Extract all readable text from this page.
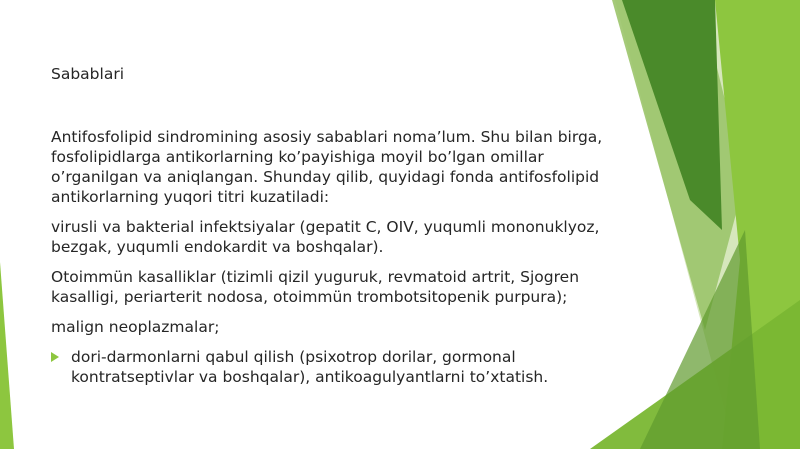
Sabablari

Antifosfolipid sindromining asosiy sabablari noma’lum. Shu bilan birga, fosfolipidlarga antikorlarning ko’payishiga moyil bo’lgan omillar o’rganilgan va aniqlangan. Shunday qilib, quyidagi fonda antifosfolipid antikorlarning yuqori titri kuzatiladi:

virusli va bakterial infektsiyalar (gepatit C, OIV, yuqumli mononuklyoz, bezgak, yuqumli endokardit va boshqalar).

Otoimmün kasalliklar (tizimli qizil yuguruk, revmatoid artrit, Sjogren kasalligi, periarterit nodosa, otoimmün trombotsitopenik purpura);

malign neoplazmalar;

dori-darmonlarni qabul qilish (psixotrop dorilar, gormonal kontratseptivlar va boshqalar), antikoagulyantlarni to’xtatish.
